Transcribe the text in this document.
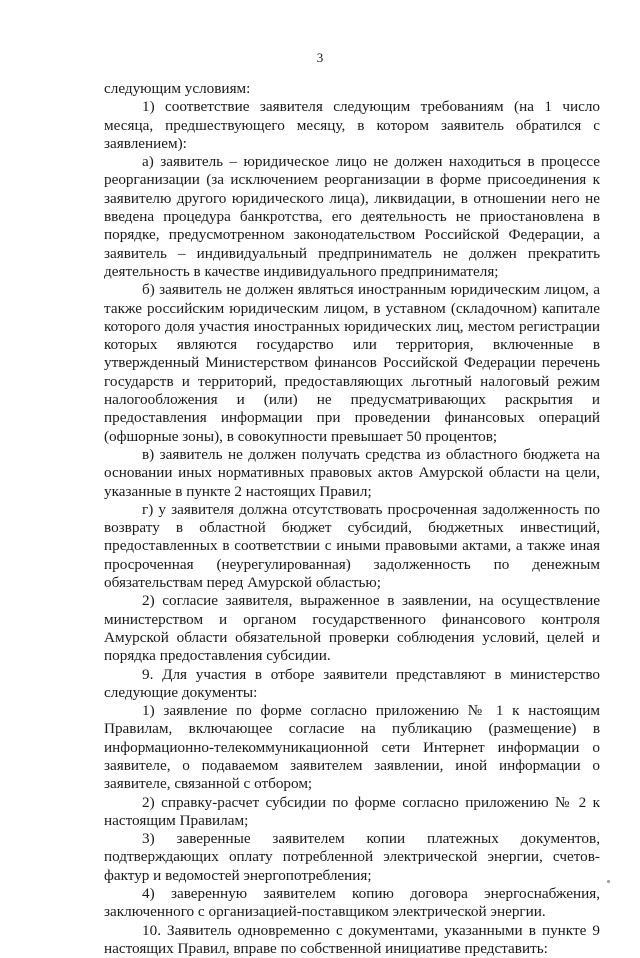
3

следующим условиям:

1) соответствие заявителя следующим требованиям (на 1 число месяца, предшествующего месяцу, в котором заявитель обратился с заявлением):

а) заявитель – юридическое лицо не должен находиться в процессе реорганизации (за исключением реорганизации в форме присоединения к заявителю другого юридического лица), ликвидации, в отношении него не введена процедура банкротства, его деятельность не приостановлена в порядке, предусмотренном законодательством Российской Федерации, а заявитель – индивидуальный предприниматель не должен прекратить деятельность в качестве индивидуального предпринимателя;

б) заявитель не должен являться иностранным юридическим лицом, а также российским юридическим лицом, в уставном (складочном) капитале которого доля участия иностранных юридических лиц, местом регистрации которых являются государство или территория, включенные в утвержденный Министерством финансов Российской Федерации перечень государств и территорий, предоставляющих льготный налоговый режим налогообложения и (или) не предусматривающих раскрытия и предоставления информации при проведении финансовых операций (офшорные зоны), в совокупности превышает 50 процентов;

в) заявитель не должен получать средства из областного бюджета на основании иных нормативных правовых актов Амурской области на цели, указанные в пункте 2 настоящих Правил;

г) у заявителя должна отсутствовать просроченная задолженность по возврату в областной бюджет субсидий, бюджетных инвестиций, предоставленных в соответствии с иными правовыми актами, а также иная просроченная (неурегулированная) задолженность по денежным обязательствам перед Амурской областью;

2) согласие заявителя, выраженное в заявлении, на осуществление министерством и органом государственного финансового контроля Амурской области обязательной проверки соблюдения условий, целей и порядка предоставления субсидии.

9. Для участия в отборе заявители представляют в министерство следующие документы:

1) заявление по форме согласно приложению № 1 к настоящим Правилам, включающее согласие на публикацию (размещение) в информационно-телекоммуникационной сети Интернет информации о заявителе, о подаваемом заявителем заявлении, иной информации о заявителе, связанной с отбором;

2) справку-расчет субсидии по форме согласно приложению № 2 к настоящим Правилам;

3) заверенные заявителем копии платежных документов, подтверждающих оплату потребленной электрической энергии, счетов-фактур и ведомостей энергопотребления;

4) заверенную заявителем копию договора энергоснабжения, заключенного с организацией-поставщиком электрической энергии.

10. Заявитель одновременно с документами, указанными в пункте 9 настоящих Правил, вправе по собственной инициативе представить:
